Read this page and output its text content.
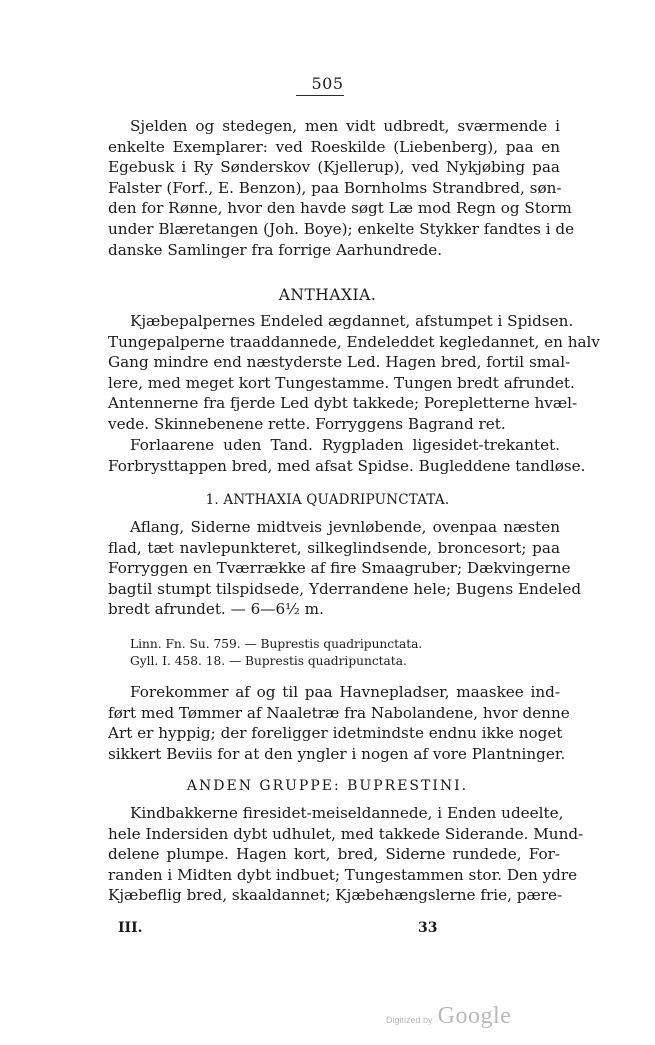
505
Sjelden og stedegen, men vidt udbredt, sværmende i
enkelte Exemplarer: ved Roeskilde (Liebenberg), paa en
Egebusk i Ry Sønderskov (Kjellerup), ved Nykjøbing paa
Falster (Forf., E. Benzon), paa Bornholms Strandbred, søn-
den for Rønne, hvor den havde søgt Læ mod Regn og Storm
under Blæretangen (Joh. Boye); enkelte Stykker fandtes i de
danske Samlinger fra forrige Aarhundrede.
ANTHAXIA.
Kjæbepalpernes Endeled ægdannet, afstumpet i Spidsen.
Tungepalperne traaddannede, Endeleddet kegledannet, en halv
Gang mindre end næstyderste Led. Hagen bred, fortil smal-
lere, med meget kort Tungestamme. Tungen bredt afrundet.
Antennerne fra fjerde Led dybt takkede; Porepletterne hvæl-
vede. Skinnebenene rette. Forryggens Bagrand ret.
Forlaarene uden Tand. Rygpladen ligesidet-trekantet.
Forbrysttappen bred, med afsat Spidse. Bugleddene tandløse.
1. ANTHAXIA QUADRIPUNCTATA.
Aflang, Siderne midtveis jevnløbende, ovenpaa næsten
flad, tæt navlepunkteret, silkeglindsende, broncesort; paa
Forryggen en Tværrække af fire Smaagruber; Dækvingerne
bagtil stumpt tilspidsede, Yderrandene hele; Bugens Endeled
bredt afrundet. — 6—6½ m.
Linn. Fn. Su. 759. — Buprestis quadripunctata.
Gyll. I. 458. 18. — Buprestis quadripunctata.
Forekommer af og til paa Havnepladser, maaskee ind-
ført med Tømmer af Naaletræ fra Nabolandene, hvor denne
Art er hyppig; der foreligger idetmindste endnu ikke noget
sikkert Beviis for at den yngler i nogen af vore Plantninger.
ANDEN GRUPPE: BUPRESTINI.
Kindbakkerne firesidet-meiseldannede, i Enden udeelte,
hele Indersiden dybt udhulet, med takkede Siderande. Mund-
delene plumpe. Hagen kort, bred, Siderne rundede, For-
randen i Midten dybt indbuet; Tungestammen stor. Den ydre
Kjæbeflig bred, skaaldannet; Kjæbehængslerne frie, pære-
III.	33
Digitized by Google
